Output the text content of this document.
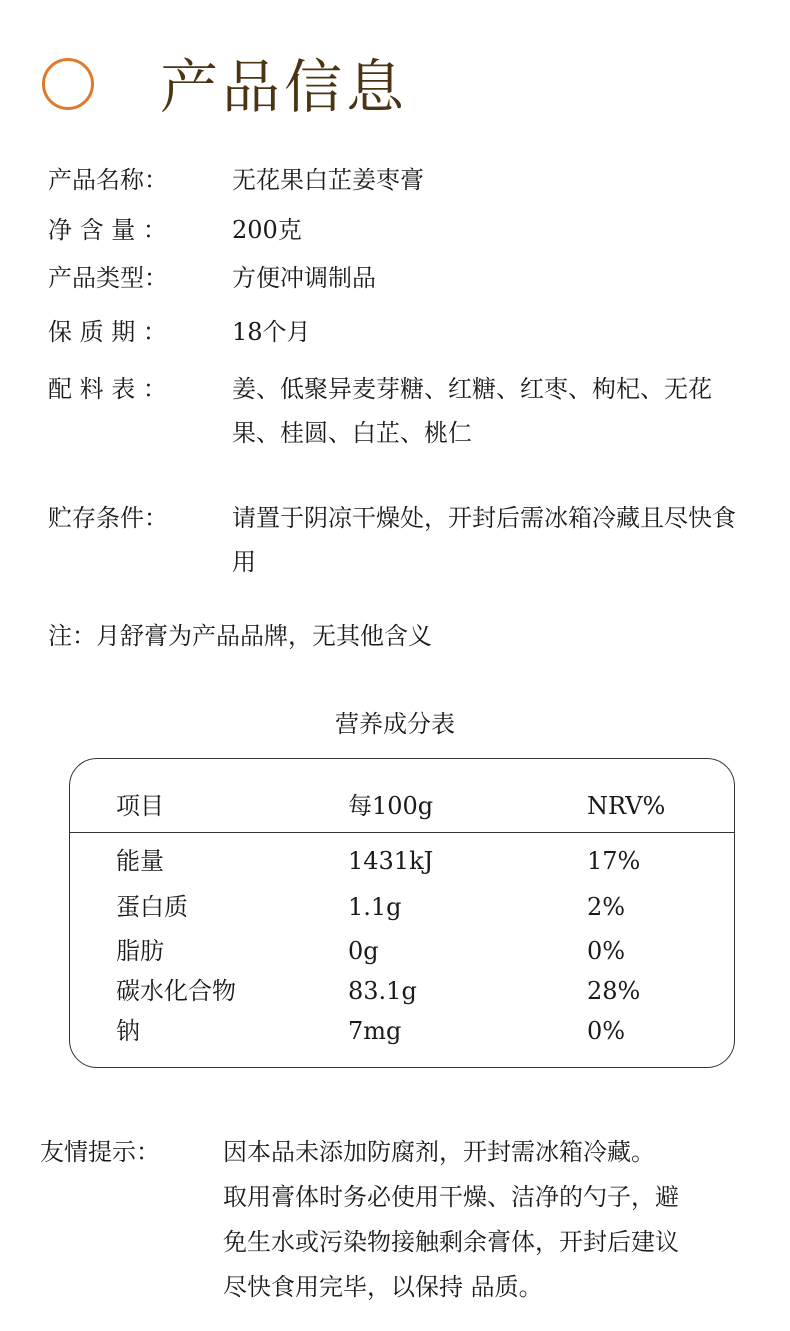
产品信息
产品名称：	无花果白芷姜枣膏
净 含 量 ：	200克
产品类型：	方便冲调制品
保 质 期 ：	18个月
配 料 表 ：	姜、低聚异麦芽糖、红糖、红枣、枸杞、无花果、桂圆、白芷、桃仁
贮存条件：	请置于阴凉干燥处，开封后需冰箱冷藏且尽快食用
注：月舒膏为产品品牌，无其他含义
营养成分表
项目	每100g	NRV%
能量	1431kJ	17%
蛋白质	1.1g	2%
脂肪	0g	0%
碳水化合物	83.1g	28%
钠	7mg	0%
友情提示：	因本品未添加防腐剂，开封需冰箱冷藏。
取用膏体时务必使用干燥、洁净的勺子，避
免生水或污染物接触剩余膏体，开封后建议
尽快食用完毕，以保持 品质。
